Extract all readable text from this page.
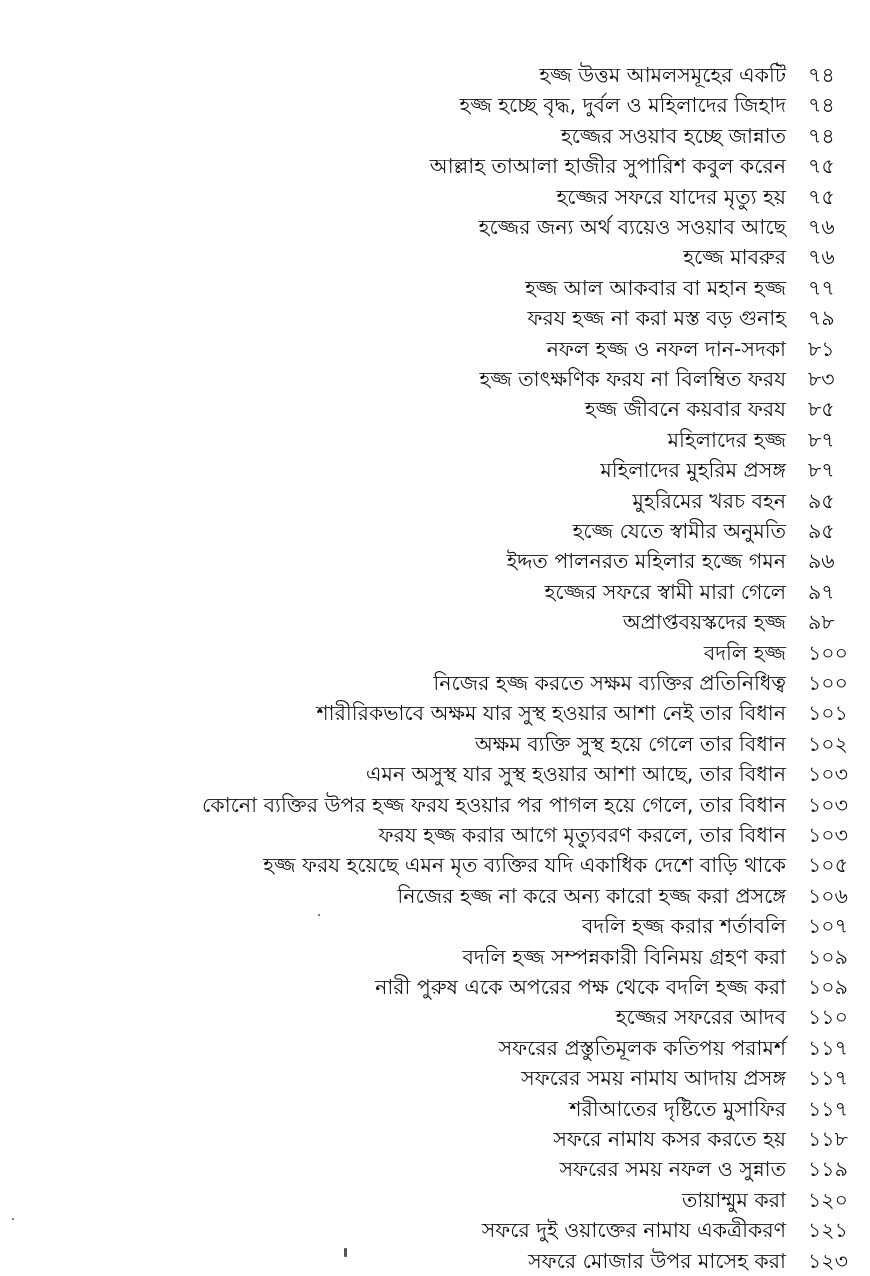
হজ্জ উত্তম আমলসমূহের একটি	৭৪
হজ্জ হচ্ছে বৃদ্ধ, দুর্বল ও মহিলাদের জিহাদ	৭৪
হজ্জের সওয়াব হচ্ছে জান্নাত	৭৪
আল্লাহ তাআলা হাজীর সুপারিশ কবুল করেন	৭৫
হজ্জের সফরে যাদের মৃত্যু হয়	৭৫
হজ্জের জন্য অর্থ ব্যয়েও সওয়াব আছে	৭৬
হজ্জে মাবরুর	৭৬
হজ্জ আল আকবার বা মহান হজ্জ	৭৭
ফরয হজ্জ না করা মস্ত বড় গুনাহ	৭৯
নফল হজ্জ ও নফল দান-সদকা	৮১
হজ্জ তাৎক্ষণিক ফরয না বিলম্বিত ফরয	৮৩
হজ্জ জীবনে কয়বার ফরয	৮৫
মহিলাদের হজ্জ	৮৭
মহিলাদের মুহরিম প্রসঙ্গ	৮৭
মুহরিমের খরচ বহন	৯৫
হজ্জে যেতে স্বামীর অনুমতি	৯৫
ইদ্দত পালনরত মহিলার হজ্জে গমন	৯৬
হজ্জের সফরে স্বামী মারা গেলে	৯৭
অপ্রাপ্তবয়স্কদের হজ্জ	৯৮
বদলি হজ্জ	১০০
নিজের হজ্জ করতে সক্ষম ব্যক্তির প্রতিনিধিত্ব	১০০
শারীরিকভাবে অক্ষম যার সুস্থ হওয়ার আশা নেই তার বিধান	১০১
অক্ষম ব্যক্তি সুস্থ হয়ে গেলে তার বিধান	১০২
এমন অসুস্থ যার সুস্থ হওয়ার আশা আছে, তার বিধান	১০৩
কোনো ব্যক্তির উপর হজ্জ ফরয হওয়ার পর পাগল হয়ে গেলে, তার বিধান	১০৩
ফরয হজ্জ করার আগে মৃত্যুবরণ করলে, তার বিধান	১০৩
হজ্জ ফরয হয়েছে এমন মৃত ব্যক্তির যদি একাধিক দেশে বাড়ি থাকে	১০৫
নিজের হজ্জ না করে অন্য কারো হজ্জ করা প্রসঙ্গে	১০৬
বদলি হজ্জ করার শর্তাবলি	১০৭
বদলি হজ্জ সম্পন্নকারী বিনিময় গ্রহণ করা	১০৯
নারী পুরুষ একে অপরের পক্ষ থেকে বদলি হজ্জ করা	১০৯
হজ্জের সফরের আদব	১১০
সফরের প্রস্তুতিমূলক কতিপয় পরামর্শ	১১৭
সফরের সময় নামায আদায় প্রসঙ্গ	১১৭
শরীআতের দৃষ্টিতে মুসাফির	১১৭
সফরে নামায কসর করতে হয়	১১৮
সফরের সময় নফল ও সুন্নাত	১১৯
তায়াম্মুম করা	১২০
সফরে দুই ওয়াক্তের নামায একত্রীকরণ	১২১
সফরে মোজার উপর মাসেহ করা	১২৩
